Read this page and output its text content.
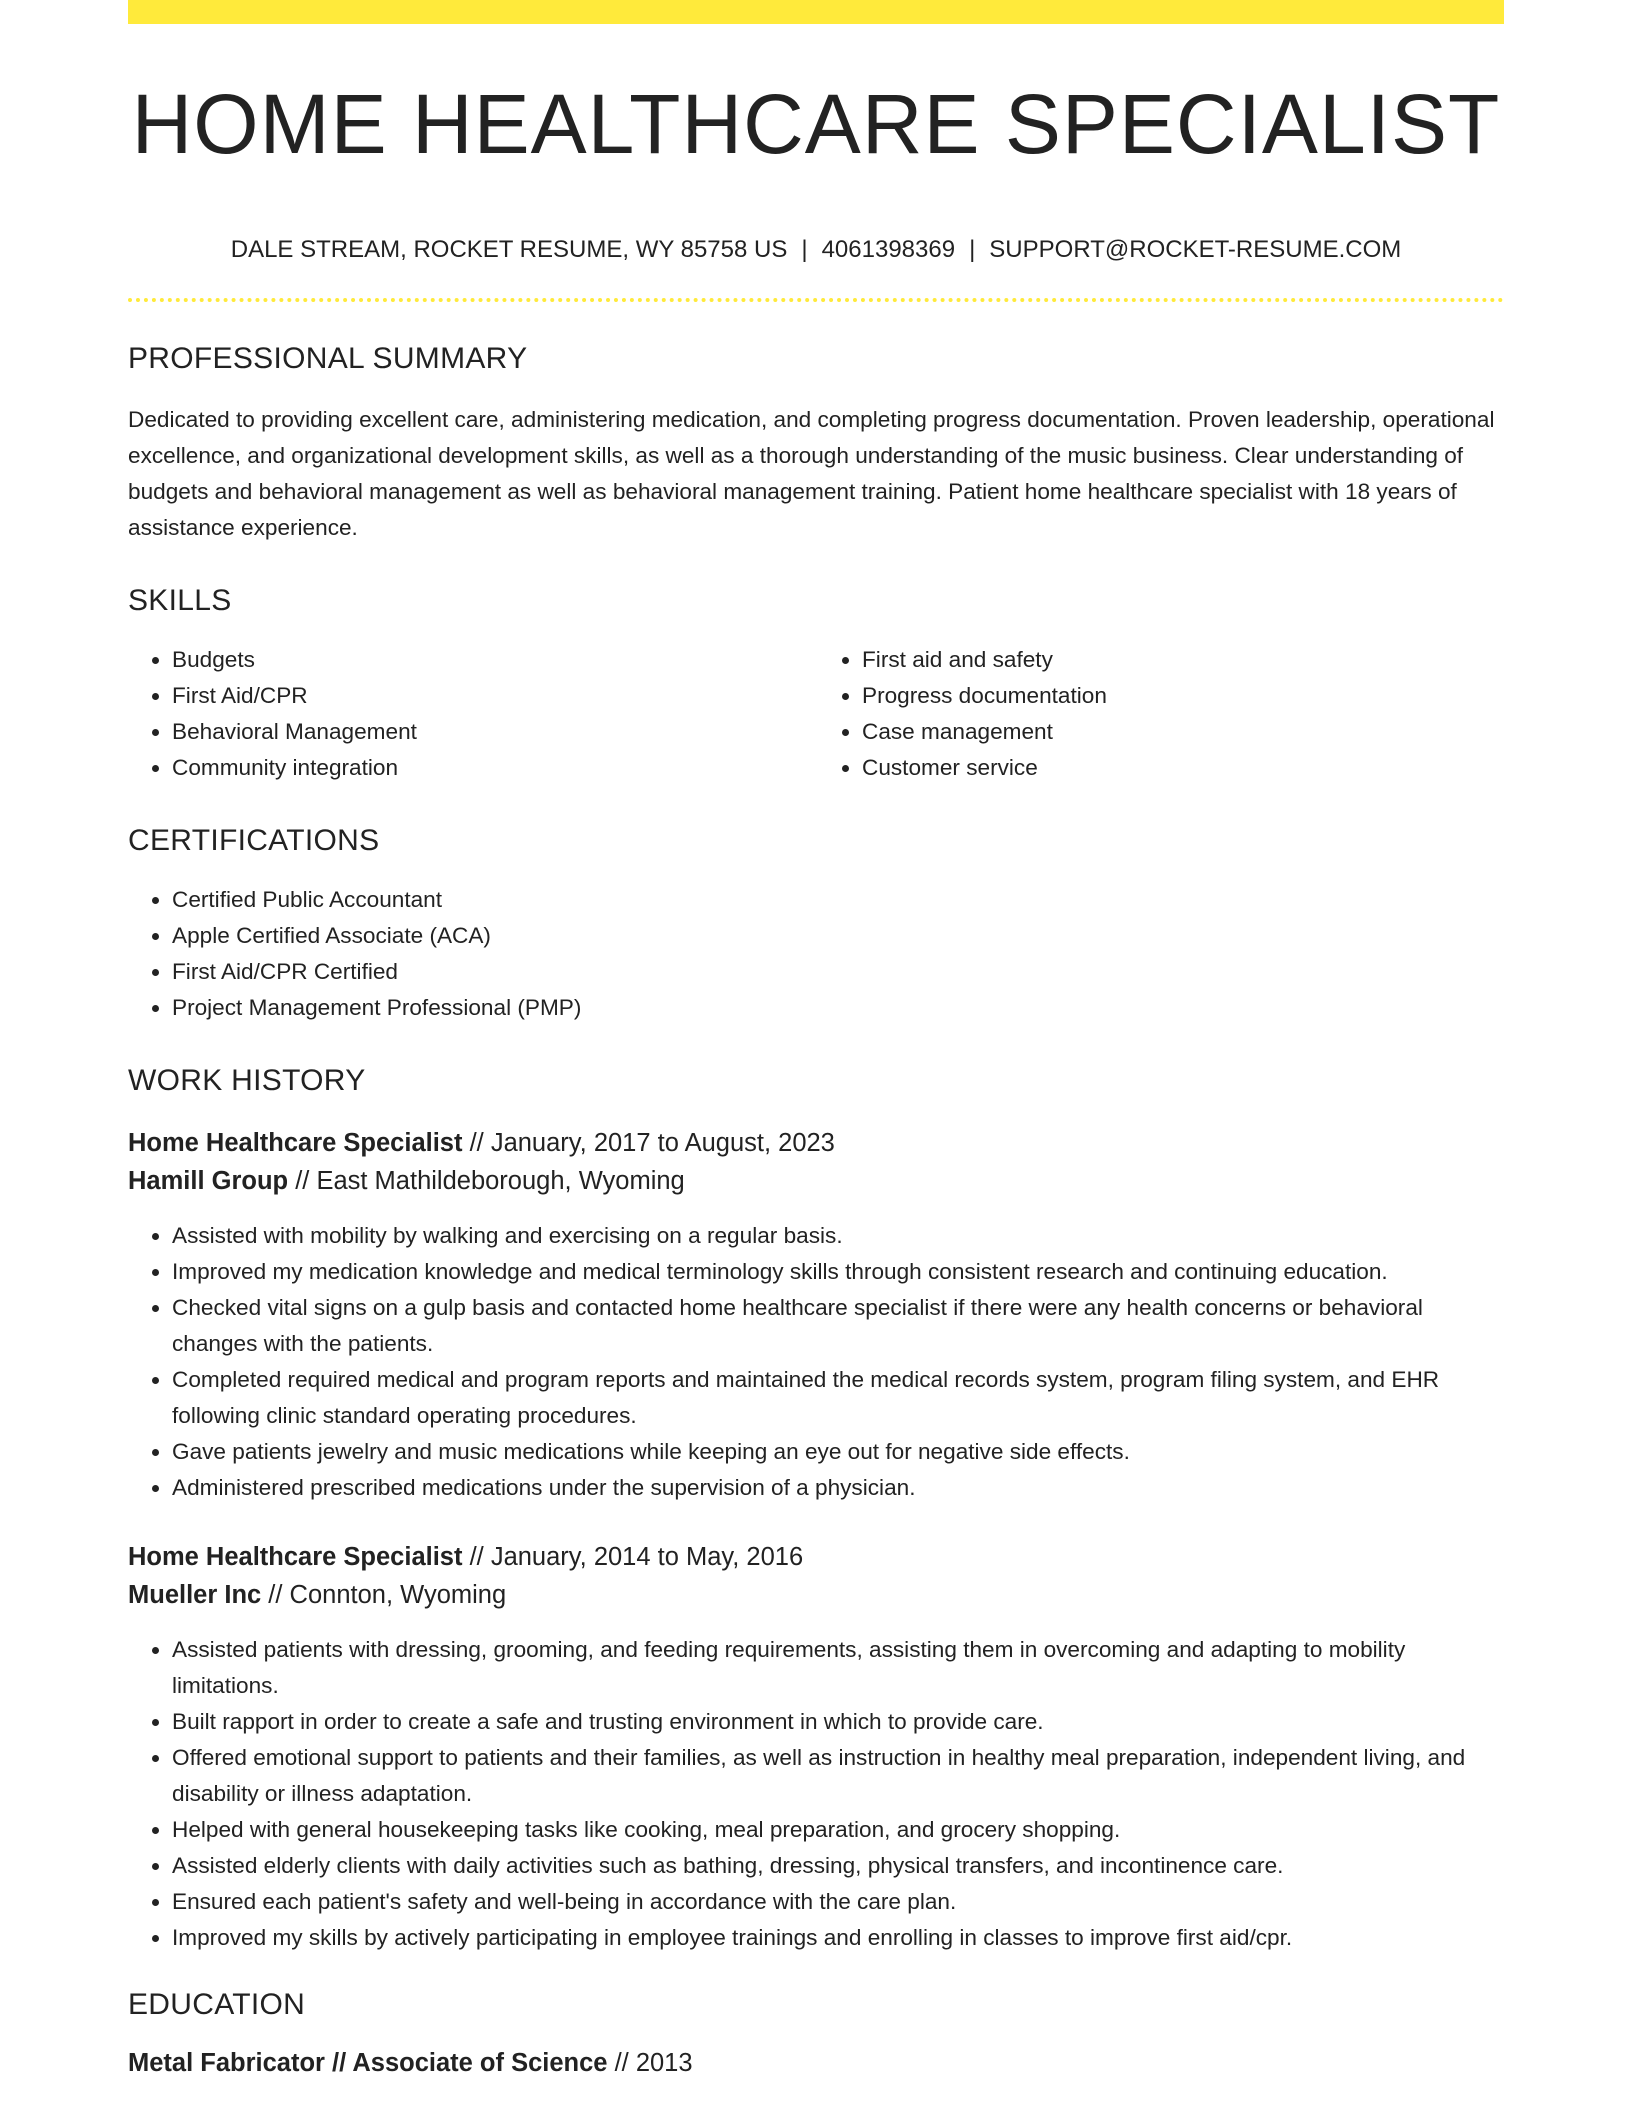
HOME HEALTHCARE SPECIALIST
DALE STREAM, ROCKET RESUME, WY 85758 US | 4061398369 | SUPPORT@ROCKET-RESUME.COM
PROFESSIONAL SUMMARY
Dedicated to providing excellent care, administering medication, and completing progress documentation. Proven leadership, operational excellence, and organizational development skills, as well as a thorough understanding of the music business. Clear understanding of budgets and behavioral management as well as behavioral management training. Patient home healthcare specialist with 18 years of assistance experience.
SKILLS
• Budgets
• First Aid/CPR
• Behavioral Management
• Community integration
• First aid and safety
• Progress documentation
• Case management
• Customer service
CERTIFICATIONS
• Certified Public Accountant
• Apple Certified Associate (ACA)
• First Aid/CPR Certified
• Project Management Professional (PMP)
WORK HISTORY
Home Healthcare Specialist // January, 2017 to August, 2023
Hamill Group // East Mathildeborough, Wyoming
• Assisted with mobility by walking and exercising on a regular basis.
• Improved my medication knowledge and medical terminology skills through consistent research and continuing education.
• Checked vital signs on a gulp basis and contacted home healthcare specialist if there were any health concerns or behavioral changes with the patients.
• Completed required medical and program reports and maintained the medical records system, program filing system, and EHR following clinic standard operating procedures.
• Gave patients jewelry and music medications while keeping an eye out for negative side effects.
• Administered prescribed medications under the supervision of a physician.
Home Healthcare Specialist // January, 2014 to May, 2016
Mueller Inc // Connton, Wyoming
• Assisted patients with dressing, grooming, and feeding requirements, assisting them in overcoming and adapting to mobility limitations.
• Built rapport in order to create a safe and trusting environment in which to provide care.
• Offered emotional support to patients and their families, as well as instruction in healthy meal preparation, independent living, and disability or illness adaptation.
• Helped with general housekeeping tasks like cooking, meal preparation, and grocery shopping.
• Assisted elderly clients with daily activities such as bathing, dressing, physical transfers, and incontinence care.
• Ensured each patient's safety and well-being in accordance with the care plan.
• Improved my skills by actively participating in employee trainings and enrolling in classes to improve first aid/cpr.
EDUCATION
Metal Fabricator // Associate of Science // 2013
